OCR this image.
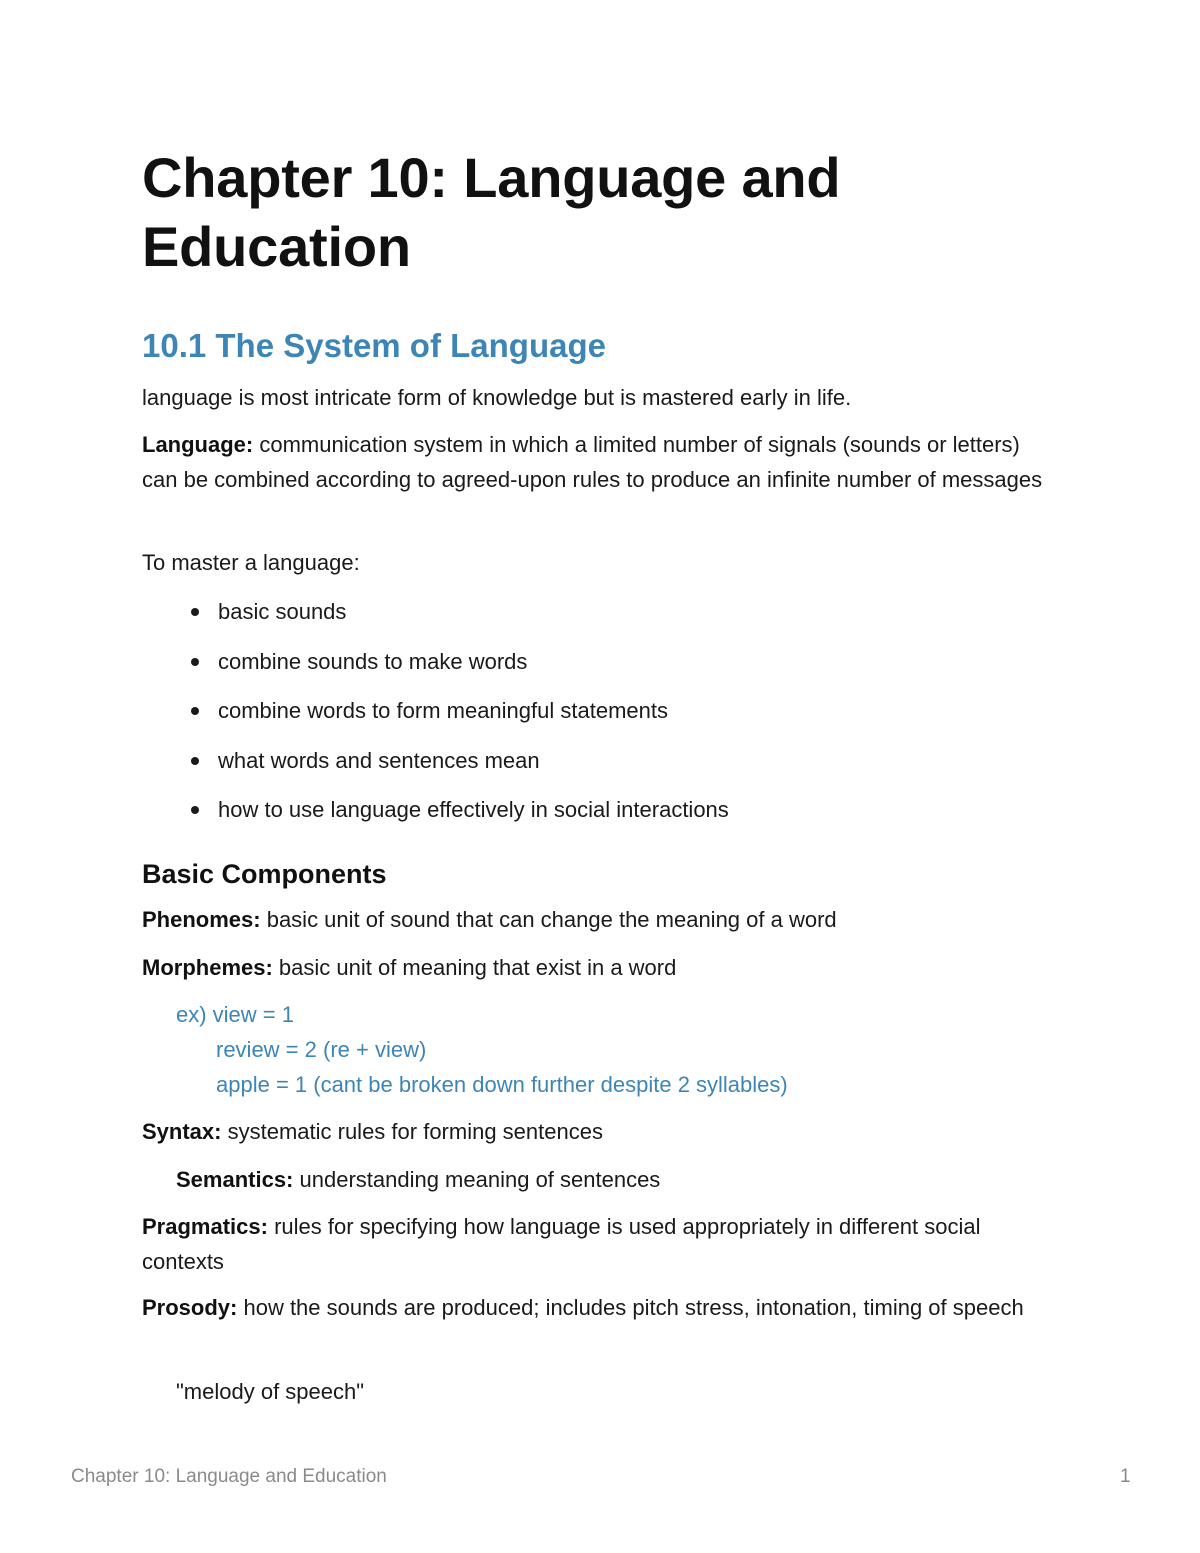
Chapter 10: Language and Education
10.1 The System of Language

language is most intricate form of knowledge but is mastered early in life.

Language: communication system in which a limited number of signals (sounds or letters) can be combined according to agreed-upon rules to produce an infinite number of messages

To master a language:

basic sounds
combine sounds to make words
combine words to form meaningful statements
what words and sentences mean
how to use language effectively in social interactions
Basic Components

Phenomes: basic unit of sound that can change the meaning of a word

Morphemes: basic unit of meaning that exist in a word

ex) view = 1

review = 2 (re + view)

apple = 1 (cant be broken down further despite 2 syllables)

Syntax: systematic rules for forming sentences

Semantics: understanding meaning of sentences

Pragmatics: rules for specifying how language is used appropriately in different social contexts

Prosody: how the sounds are produced; includes pitch stress, intonation, timing of speech

"melody of speech"

Chapter 10: Language and Education	1
